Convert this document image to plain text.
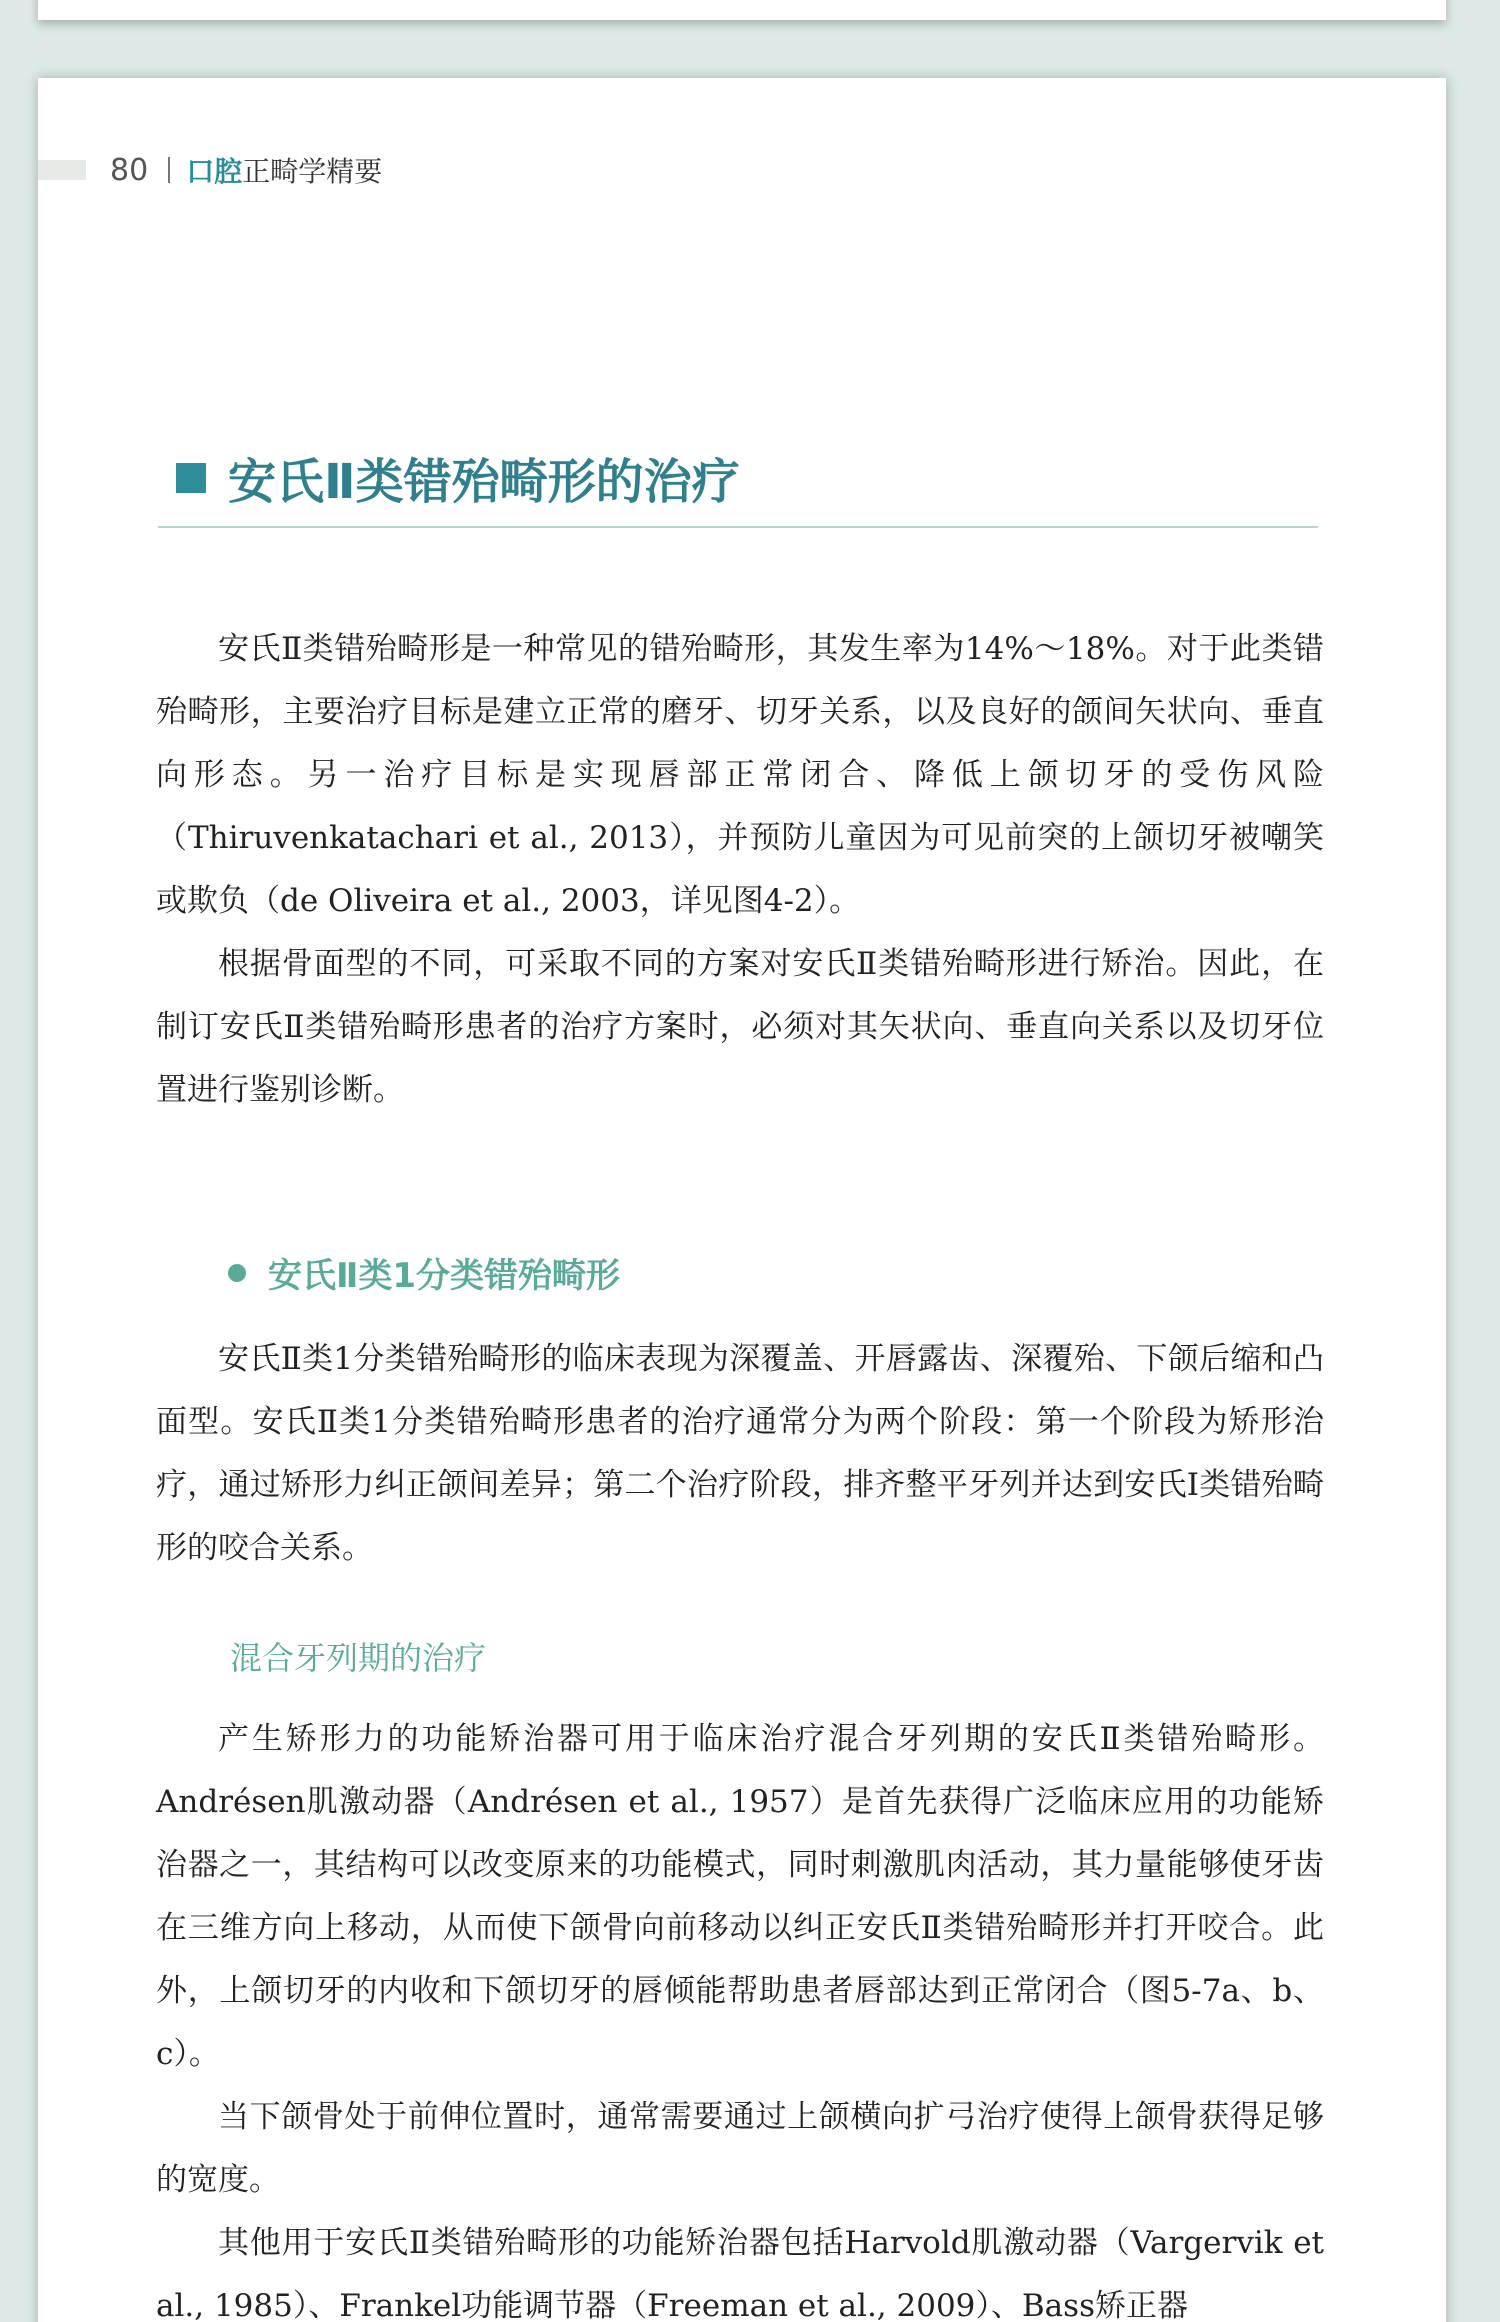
80 口腔正畸学精要
安氏Ⅱ类错殆畸形的治疗

安氏Ⅱ类错殆畸形是一种常见的错殆畸形，其发生率为14%～18%。对于此类错殆畸形，主要治疗目标是建立正常的磨牙、切牙关系，以及良好的颌间矢状向、垂直向形态。另一治疗目标是实现唇部正常闭合、降低上颌切牙的受伤风险（Thiruvenkatachari et al., 2013），并预防儿童因为可见前突的上颌切牙被嘲笑或欺负（de Oliveira et al., 2003，详见图4-2）。

根据骨面型的不同，可采取不同的方案对安氏Ⅱ类错殆畸形进行矫治。因此，在制订安氏Ⅱ类错殆畸形患者的治疗方案时，必须对其矢状向、垂直向关系以及切牙位置进行鉴别诊断。

安氏Ⅱ类1分类错殆畸形

安氏Ⅱ类1分类错殆畸形的临床表现为深覆盖、开唇露齿、深覆殆、下颌后缩和凸面型。安氏Ⅱ类1分类错殆畸形患者的治疗通常分为两个阶段：第一个阶段为矫形治疗，通过矫形力纠正颌间差异；第二个治疗阶段，排齐整平牙列并达到安氏Ⅰ类错殆畸形的咬合关系。

混合牙列期的治疗

产生矫形力的功能矫治器可用于临床治疗混合牙列期的安氏Ⅱ类错殆畸形。Andrésen肌激动器（Andrésen et al., 1957）是首先获得广泛临床应用的功能矫治器之一，其结构可以改变原来的功能模式，同时刺激肌肉活动，其力量能够使牙齿在三维方向上移动，从而使下颌骨向前移动以纠正安氏Ⅱ类错殆畸形并打开咬合。此外，上颌切牙的内收和下颌切牙的唇倾能帮助患者唇部达到正常闭合（图5-7a、b、c）。

当下颌骨处于前伸位置时，通常需要通过上颌横向扩弓治疗使得上颌骨获得足够的宽度。

其他用于安氏Ⅱ类错殆畸形的功能矫治器包括Harvold肌激动器（Vargervik et al., 1985）、Frankel功能调节器（Freeman et al., 2009）、Bass矫正器
